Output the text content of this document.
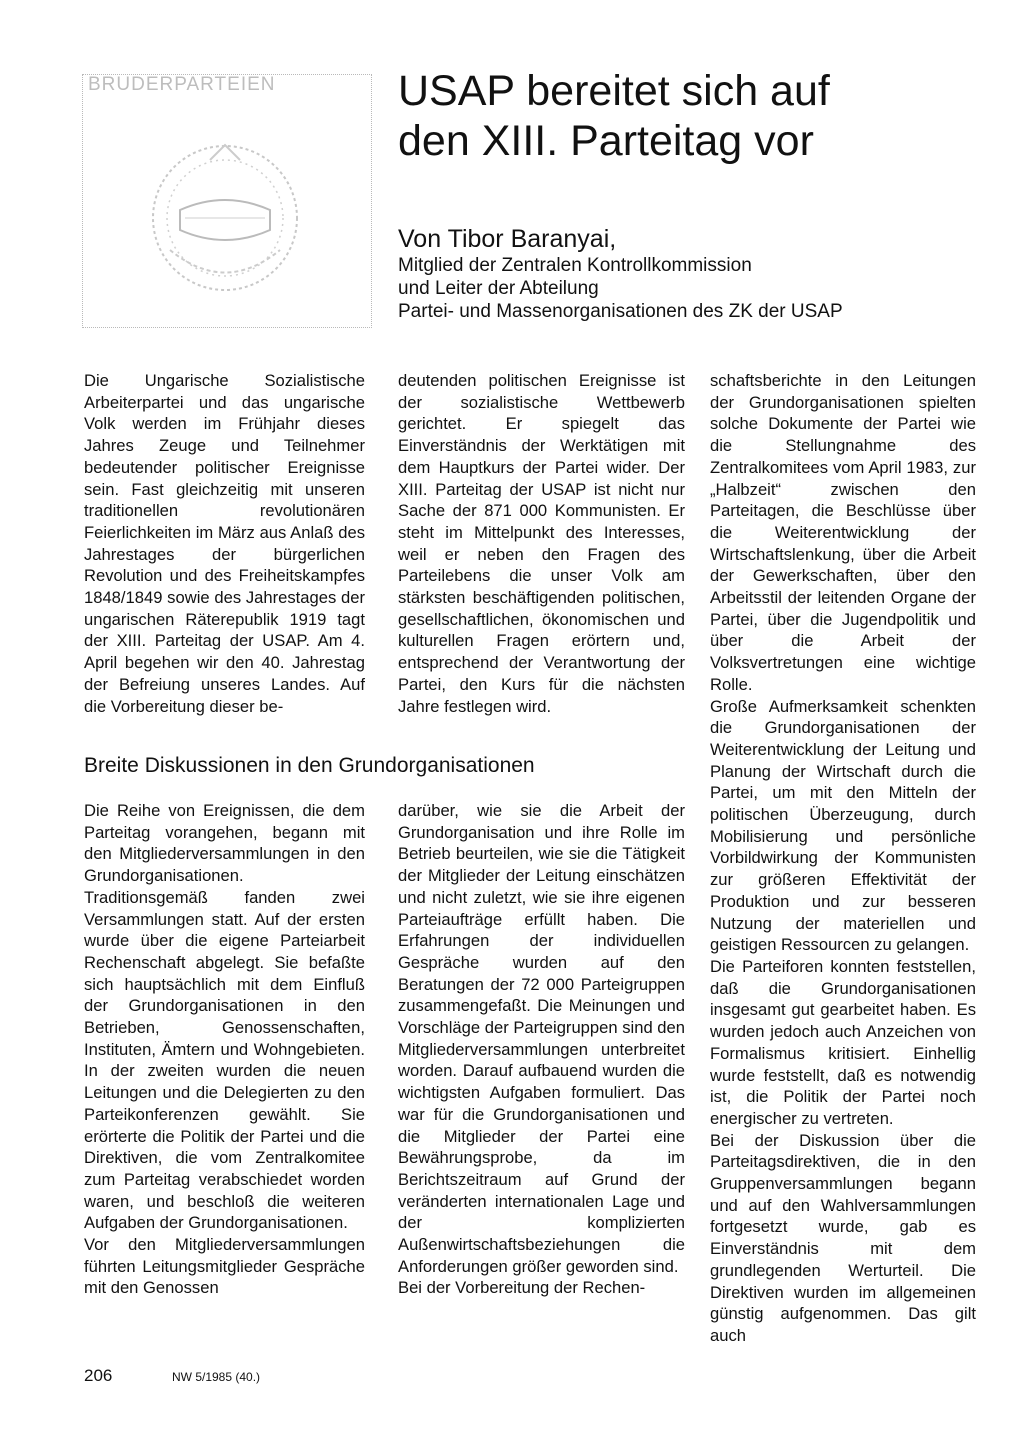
BRUDERPARTEIEN	USAP bereitet sich auf
den XIII. Parteitag vor
Von Tibor Baranyai,
Mitglied der Zentralen Kontrollkommission
und Leiter der Abteilung
Partei- und Massenorganisationen des ZK der USAP

Die Ungarische Sozialistische Arbeiterpartei und das ungarische Volk werden im Frühjahr dieses Jahres Zeuge und Teilnehmer bedeutender politischer Ereignisse sein. Fast gleichzeitig mit unseren traditionellen revolutionären Feierlichkeiten im März aus Anlaß des Jahrestages der bürgerlichen Revolution und des Freiheitskampfes 1848/1849 sowie des Jahrestages der ungarischen Räterepublik 1919 tagt der XIII. Parteitag der USAP. Am 4. April begehen wir den 40. Jahrestag der Befreiung unseres Landes. Auf die Vorbereitung dieser be-

deutenden politischen Ereignisse ist der sozialistische Wettbewerb gerichtet. Er spiegelt das Einverständnis der Werktätigen mit dem Hauptkurs der Partei wider. Der XIII. Parteitag der USAP ist nicht nur Sache der 871 000 Kommunisten. Er steht im Mittelpunkt des Interesses, weil er neben den Fragen des Parteilebens die unser Volk am stärksten beschäftigenden politischen, gesellschaftlichen, ökonomischen und kulturellen Fragen erörtern und, entsprechend der Verantwortung der Partei, den Kurs für die nächsten Jahre festlegen wird.

Breite Diskussionen in den Grundorganisationen

Die Reihe von Ereignissen, die dem Parteitag vorangehen, begann mit den Mitgliederversammlungen in den Grundorganisationen. Traditionsgemäß fanden zwei Versammlungen statt. Auf der ersten wurde über die eigene Parteiarbeit Rechenschaft abgelegt. Sie befaßte sich hauptsächlich mit dem Einfluß der Grundorganisationen in den Betrieben, Genossenschaften, Instituten, Ämtern und Wohngebieten. In der zweiten wurden die neuen Leitungen und die Delegierten zu den Parteikonferenzen gewählt. Sie erörterte die Politik der Partei und die Direktiven, die vom Zentralkomitee zum Parteitag verabschiedet worden waren, und beschloß die weiteren Aufgaben der Grundorganisationen.

Vor den Mitgliederversammlungen führten Leitungsmitglieder Gespräche mit den Genossen

darüber, wie sie die Arbeit der Grundorganisation und ihre Rolle im Betrieb beurteilen, wie sie die Tätigkeit der Mitglieder der Leitung einschätzen und nicht zuletzt, wie sie ihre eigenen Parteiaufträge erfüllt haben. Die Erfahrungen der individuellen Gespräche wurden auf den Beratungen der 72 000 Parteigruppen zusammengefaßt. Die Meinungen und Vorschläge der Parteigruppen sind den Mitgliederversammlungen unterbreitet worden. Darauf aufbauend wurden die wichtigsten Aufgaben formuliert. Das war für die Grundorganisationen und die Mitglieder der Partei eine Bewährungsprobe, da im Berichtszeitraum auf Grund der veränderten internationalen Lage und der komplizierten Außenwirtschaftsbeziehungen die Anforderungen größer geworden sind.

Bei der Vorbereitung der Rechen-

schaftsberichte in den Leitungen der Grundorganisationen spielten solche Dokumente der Partei wie die Stellungnahme des Zentralkomitees vom April 1983, zur „Halbzeit“ zwischen den Parteitagen, die Beschlüsse über die Weiterentwicklung der Wirtschaftslenkung, über die Arbeit der Gewerkschaften, über den Arbeitsstil der leitenden Organe der Partei, über die Jugendpolitik und über die Arbeit der Volksvertretungen eine wichtige Rolle.

Große Aufmerksamkeit schenkten die Grundorganisationen der Weiterentwicklung der Leitung und Planung der Wirtschaft durch die Partei, um mit den Mitteln der politischen Überzeugung, durch Mobilisierung und persönliche Vorbildwirkung der Kommunisten zur größeren Effektivität der Produktion und zur besseren Nutzung der materiellen und geistigen Ressourcen zu gelangen.

Die Parteiforen konnten feststellen, daß die Grundorganisationen insgesamt gut gearbeitet haben. Es wurden jedoch auch Anzeichen von Formalismus kritisiert. Einhellig wurde feststellt, daß es notwendig ist, die Politik der Partei noch energischer zu vertreten.

Bei der Diskussion über die Parteitagsdirektiven, die in den Gruppenversammlungen begann und auf den Wahlversammlungen fortgesetzt wurde, gab es Einverständnis mit dem grundlegenden Werturteil. Die Direktiven wurden im allgemeinen günstig aufgenommen. Das gilt auch

206	NW 5/1985 (40.)
